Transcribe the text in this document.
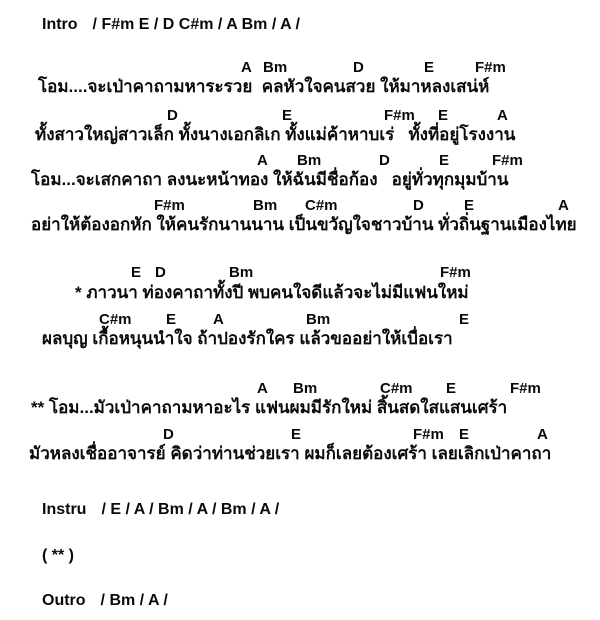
Intro / F#m E / D C#m / A Bm / A /
A Bm	D	E	F#m
โอม....จะเป่าคาถามหาระรวย  คลหัวใจคนสวย ให้มาหลงเสน่ห์
D	E	F#m E	A
ทั้งสาวใหญ่สาวเล็ก ทั้งนางเอกลิเก ทั้งแม่ค้าหาบเร่   ทั้งที่อยู่โรงงาน
A Bm	D	E	F#m
โอม...จะเสกคาถา ลงนะหน้าทอง ให้ฉันมีชื่อก้อง   อยู่ทั่วทุกมุมบ้าน
F#m	Bm C#m	D	E	A
อย่าให้ต้องอกหัก ให้คนรักนานนาน เป็นขวัญใจชาวบ้าน ทั่วถิ่นฐานเมืองไทย
E D	Bm	F#m
* ภาวนา ท่องคาถาทั้งปี พบคนใจดีแล้วจะไม่มีแฟนใหม่
C#m E A	Bm	E
ผลบุญ เกื้อหนุนนำใจ ถ้าปองรักใคร แล้วขออย่าให้เบื่อเรา
A Bm	C#m E	F#m
** โอม...มัวเป่าคาถามหาอะไร แฟนผมมีรักใหม่ สิ้นสดใสแสนเศร้า
D	E	F#m E	A
มัวหลงเชื่ออาจารย์ คิดว่าท่านช่วยเรา ผมก็เลยต้องเศร้า เลยเลิกเป่าคาถา
Instru / E / A / Bm / A / Bm / A /
( ** )
Outro / Bm / A /
